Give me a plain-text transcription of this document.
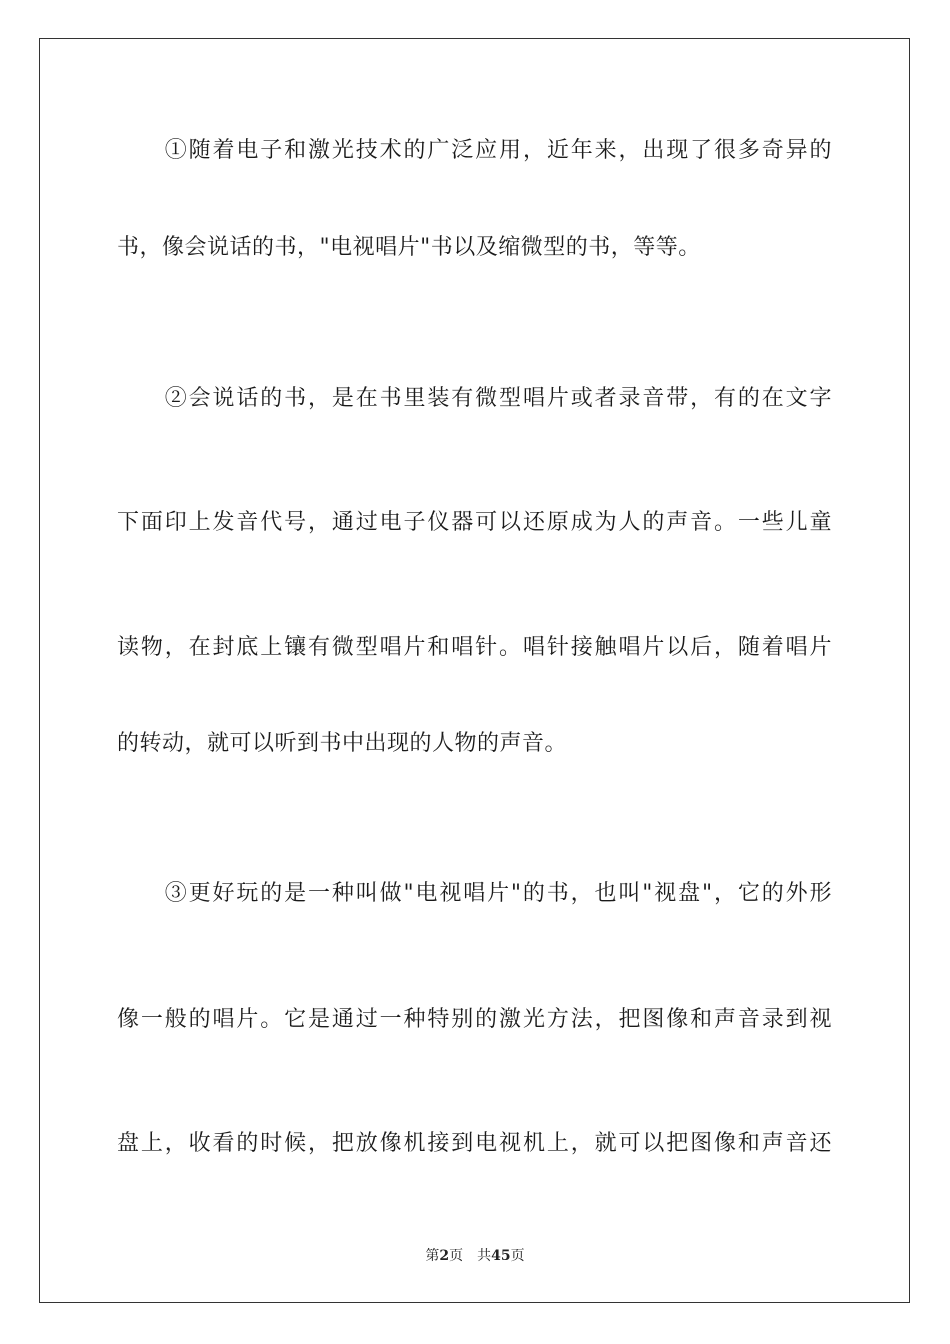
　　①随着电子和激光技术的广泛应用，近年来，出现了很多奇异的
书，像会说话的书，"电视唱片"书以及缩微型的书，等等。
　　②会说话的书，是在书里装有微型唱片或者录音带，有的在文字
下面印上发音代号，通过电子仪器可以还原成为人的声音。一些儿童
读物，在封底上镶有微型唱片和唱针。唱针接触唱片以后，随着唱片
的转动，就可以听到书中出现的人物的声音。
　　③更好玩的是一种叫做"电视唱片"的书，也叫"视盘"，它的外形
像一般的唱片。它是通过一种特别的激光方法，把图像和声音录到视
盘上，收看的时候，把放像机接到电视机上，就可以把图像和声音还
第2页 共45页
